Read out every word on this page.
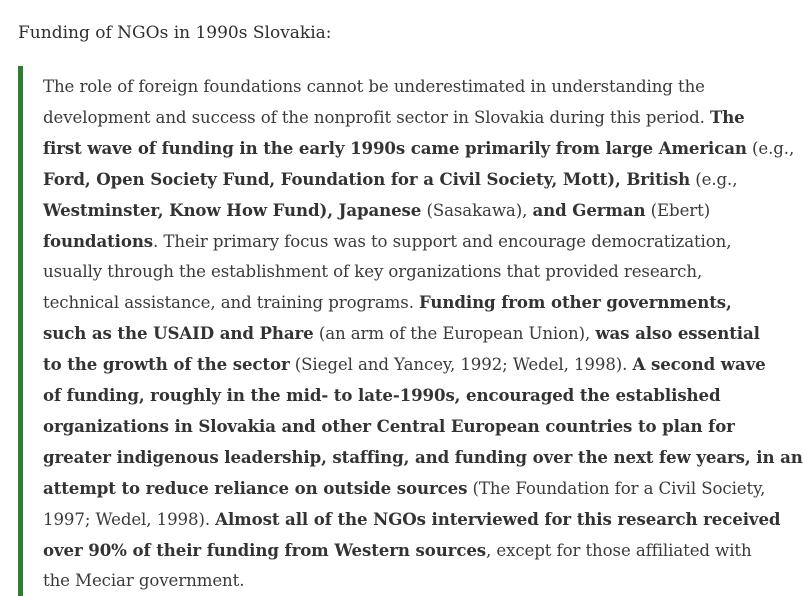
Funding of NGOs in 1990s Slovakia:

The role of foreign foundations cannot be underestimated in understanding the
development and success of the nonprofit sector in Slovakia during this period. The
first wave of funding in the early 1990s came primarily from large American (e.g.,
Ford, Open Society Fund, Foundation for a Civil Society, Mott), British (e.g.,
Westminster, Know How Fund), Japanese (Sasakawa), and German (Ebert)
foundations. Their primary focus was to support and encourage democratization,
usually through the establishment of key organizations that provided research,
technical assistance, and training programs. Funding from other governments,
such as the USAID and Phare (an arm of the European Union), was also essential
to the growth of the sector (Siegel and Yancey, 1992; Wedel, 1998). A second wave
of funding, roughly in the mid- to late-1990s, encouraged the established
organizations in Slovakia and other Central European countries to plan for
greater indigenous leadership, staffing, and funding over the next few years, in an
attempt to reduce reliance on outside sources (The Foundation for a Civil Society,
1997; Wedel, 1998). Almost all of the NGOs interviewed for this research received
over 90% of their funding from Western sources, except for those affiliated with
the Meciar government.
